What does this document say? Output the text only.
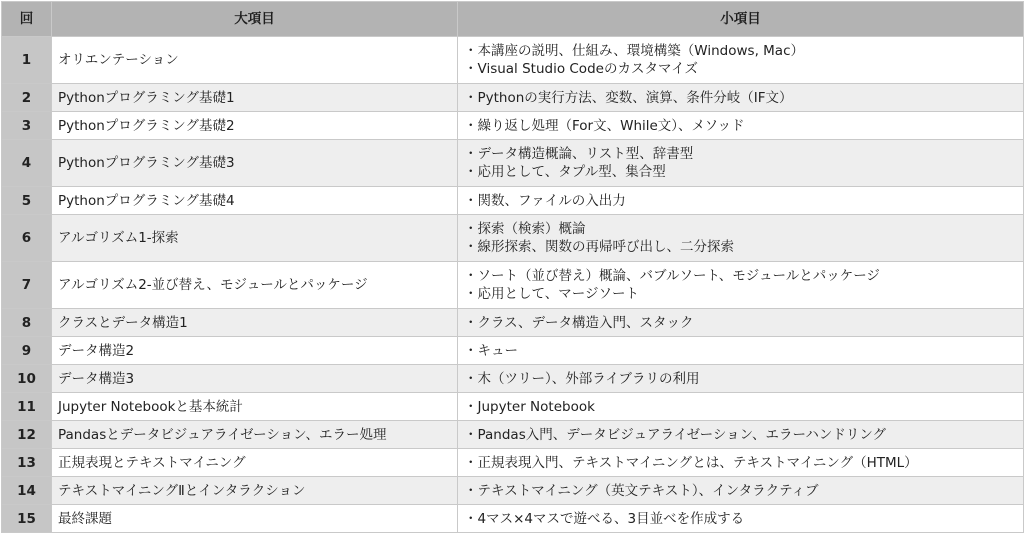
回	大項目	小項目
1	オリエンテーション	・本講座の説明、仕組み、環境構築（Windows, Mac）
・Visual Studio Codeのカスタマイズ

2	Pythonプログラミング基礎1	・Pythonの実行方法、変数、演算、条件分岐（IF文）

3	Pythonプログラミング基礎2	・繰り返し処理（For文、While文）、メソッド

4	Pythonプログラミング基礎3	・データ構造概論、リスト型、辞書型
・応用として、タプル型、集合型

5	Pythonプログラミング基礎4	・関数、ファイルの入出力

6	アルゴリズム1-探索	・探索（検索）概論
・線形探索、関数の再帰呼び出し、二分探索

7	アルゴリズム2-並び替え、モジュールとパッケージ	・ソート（並び替え）概論、バブルソート、モジュールとパッケージ
・応用として、マージソート

8	クラスとデータ構造1	・クラス、データ構造入門、スタック

9	データ構造2	・キュー

10	データ構造3	・木（ツリー）、外部ライブラリの利用

11	Jupyter Notebookと基本統計	・Jupyter Notebook

12	Pandasとデータビジュアライゼーション、エラー処理	・Pandas入門、データビジュアライゼーション、エラーハンドリング

13	正規表現とテキストマイニング	・正規表現入門、テキストマイニングとは、テキストマイニング（HTML）

14	テキストマイニングⅡとインタラクション	・テキストマイニング（英文テキスト）、インタラクティブ

15	最終課題	・4マス×4マスで遊べる、3目並べを作成する
